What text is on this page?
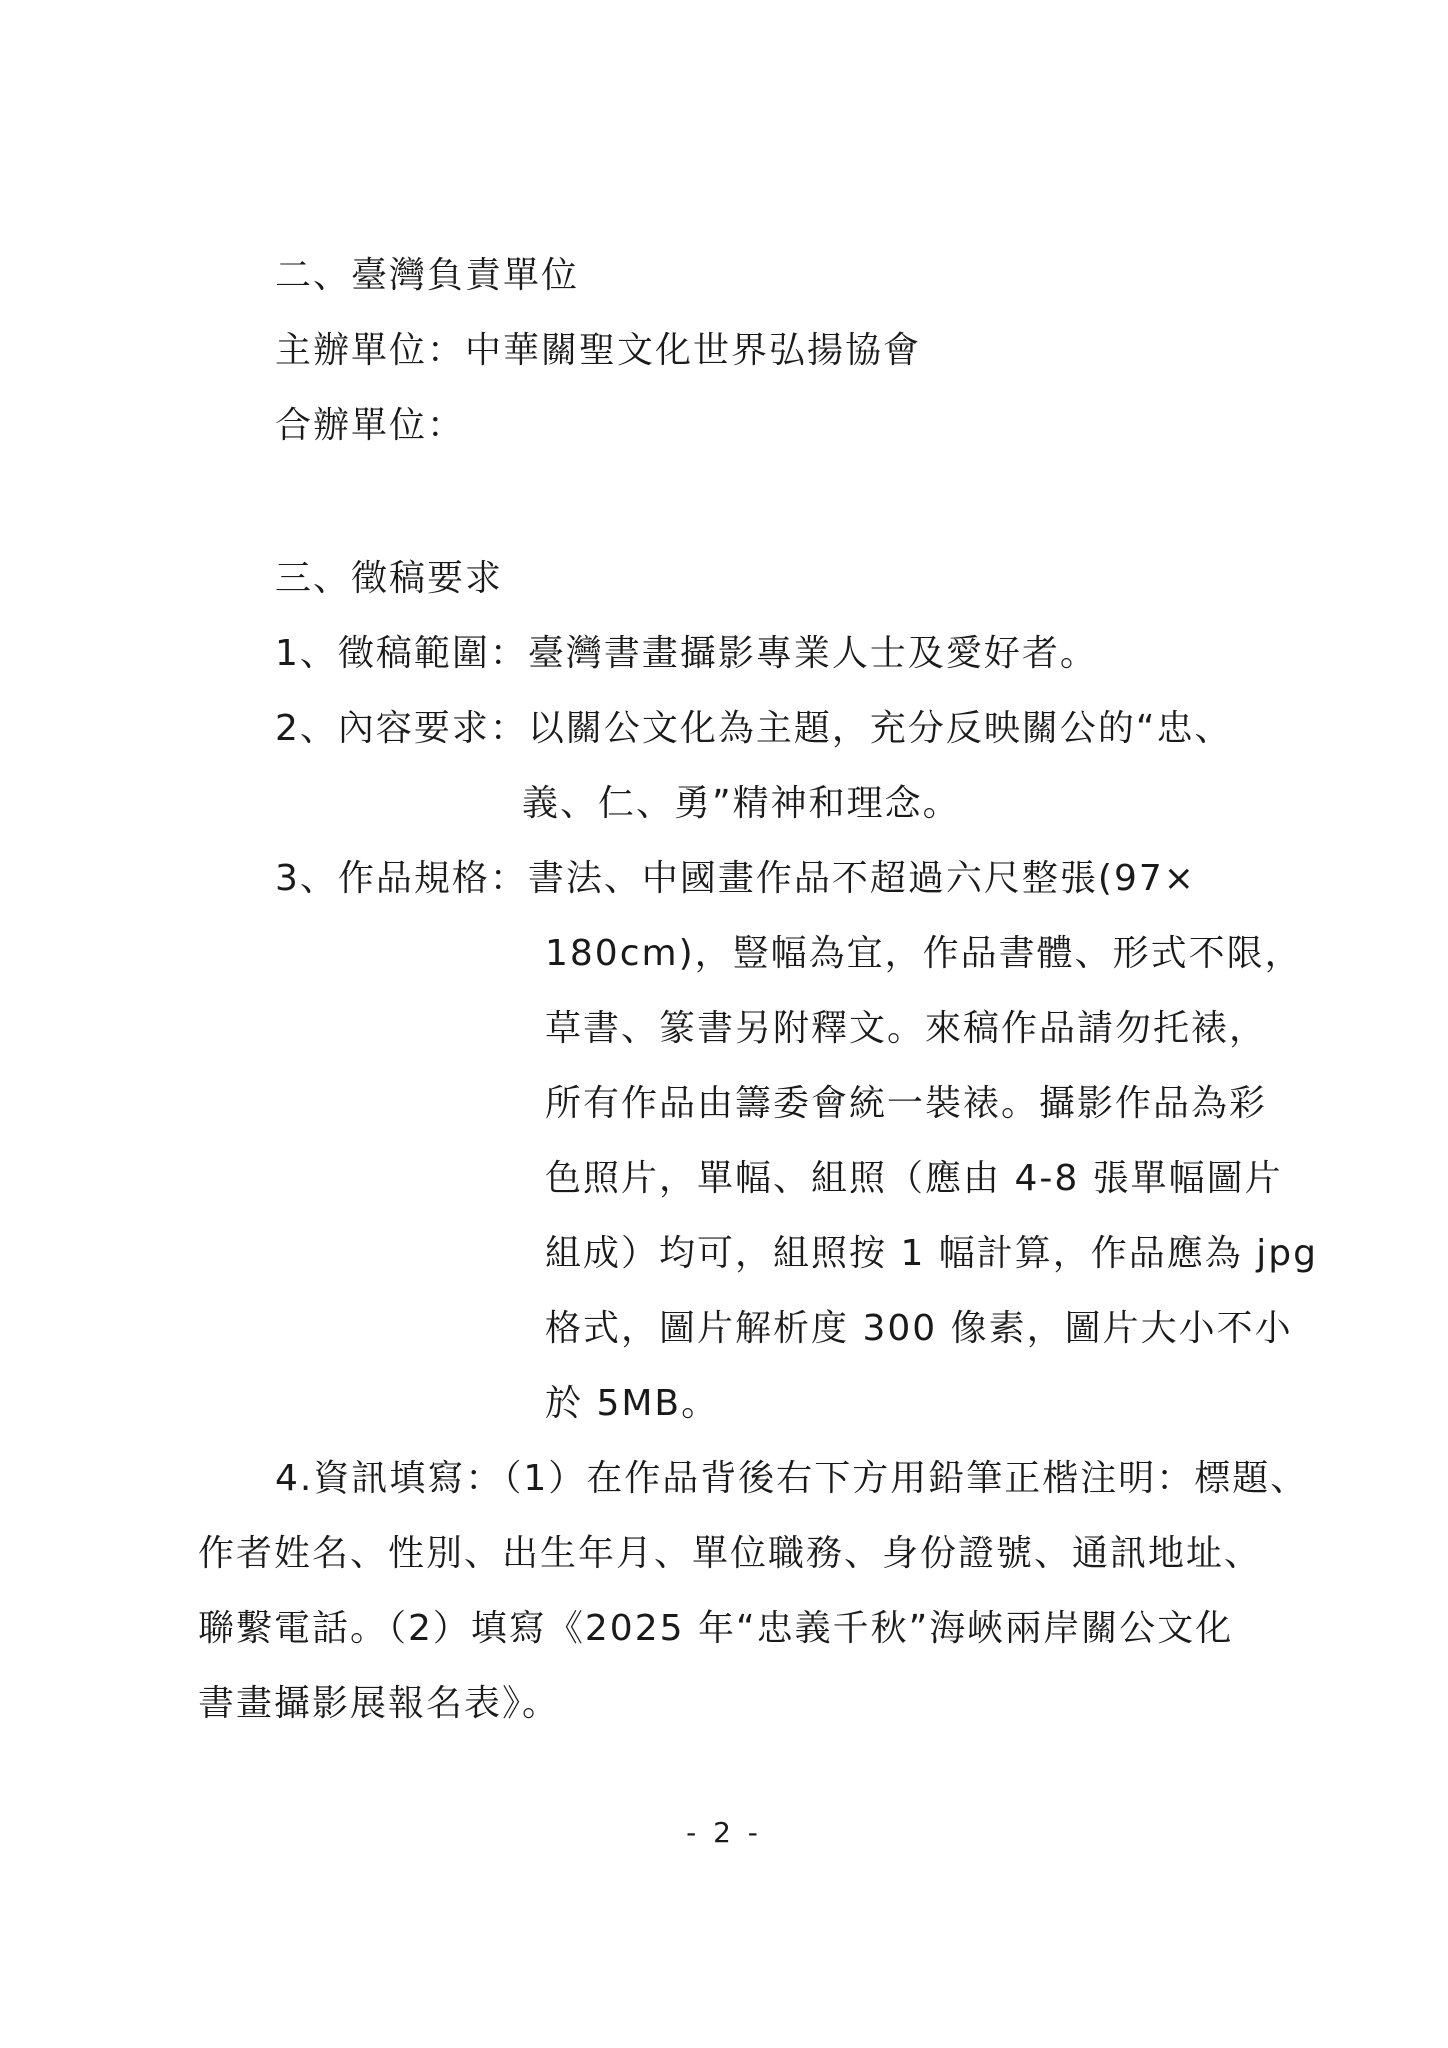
二、臺灣負責單位
主辦單位：中華關聖文化世界弘揚協會
合辦單位：
三、徵稿要求
1、徵稿範圍：臺灣書畫攝影專業人士及愛好者。
2、內容要求：以關公文化為主題，充分反映關公的“忠、
義、仁、勇”精神和理念。
3、作品規格：書法、中國畫作品不超過六尺整張(97×
180cm)，豎幅為宜，作品書體、形式不限，
草書、篆書另附釋文。來稿作品請勿托裱，
所有作品由籌委會統一裝裱。攝影作品為彩
色照片，單幅、組照（應由 4-8 張單幅圖片
組成）均可，組照按 1 幅計算，作品應為 jpg
格式，圖片解析度 300 像素，圖片大小不小
於 5MB。
4.資訊填寫：（1）在作品背後右下方用鉛筆正楷注明：標題、
作者姓名、性別、出生年月、單位職務、身份證號、通訊地址、
聯繫電話。（2）填寫《2025 年“忠義千秋”海峽兩岸關公文化
書畫攝影展報名表》。
- 2 -
